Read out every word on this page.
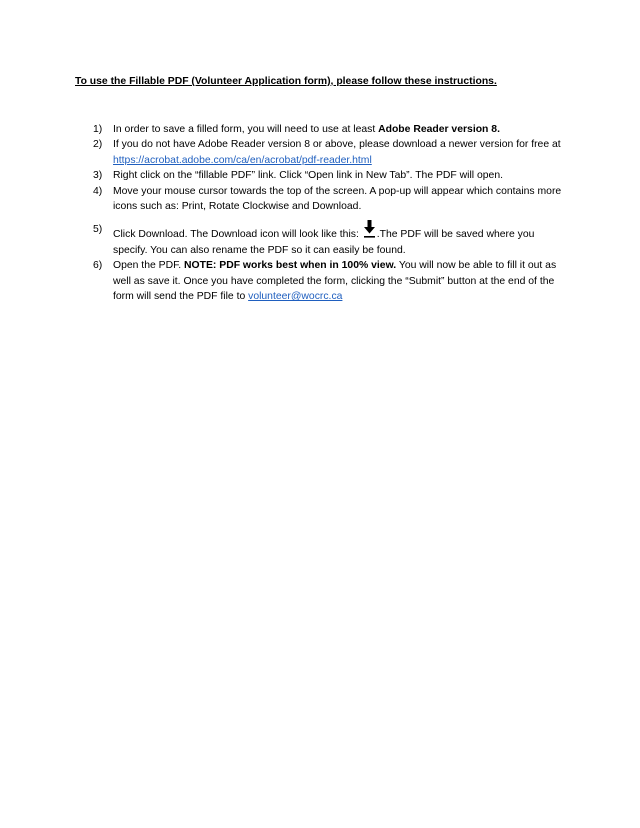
To use the Fillable PDF (Volunteer Application form), please follow these instructions.
1) In order to save a filled form, you will need to use at least Adobe Reader version 8.
2) If you do not have Adobe Reader version 8 or above, please download a newer version for free at https://acrobat.adobe.com/ca/en/acrobat/pdf-reader.html
3) Right click on the “fillable PDF” link. Click “Open link in New Tab”. The PDF will open.
4) Move your mouse cursor towards the top of the screen. A pop-up will appear which contains more icons such as: Print, Rotate Clockwise and Download.
5) Click Download. The Download icon will look like this:
.The PDF will be saved where you specify. You can also rename the PDF so it can easily be found.
6) Open the PDF. NOTE: PDF works best when in 100% view. You will now be able to fill it out as well as save it. Once you have completed the form, clicking the “Submit” button at the end of the form will send the PDF file to volunteer@wocrc.ca
